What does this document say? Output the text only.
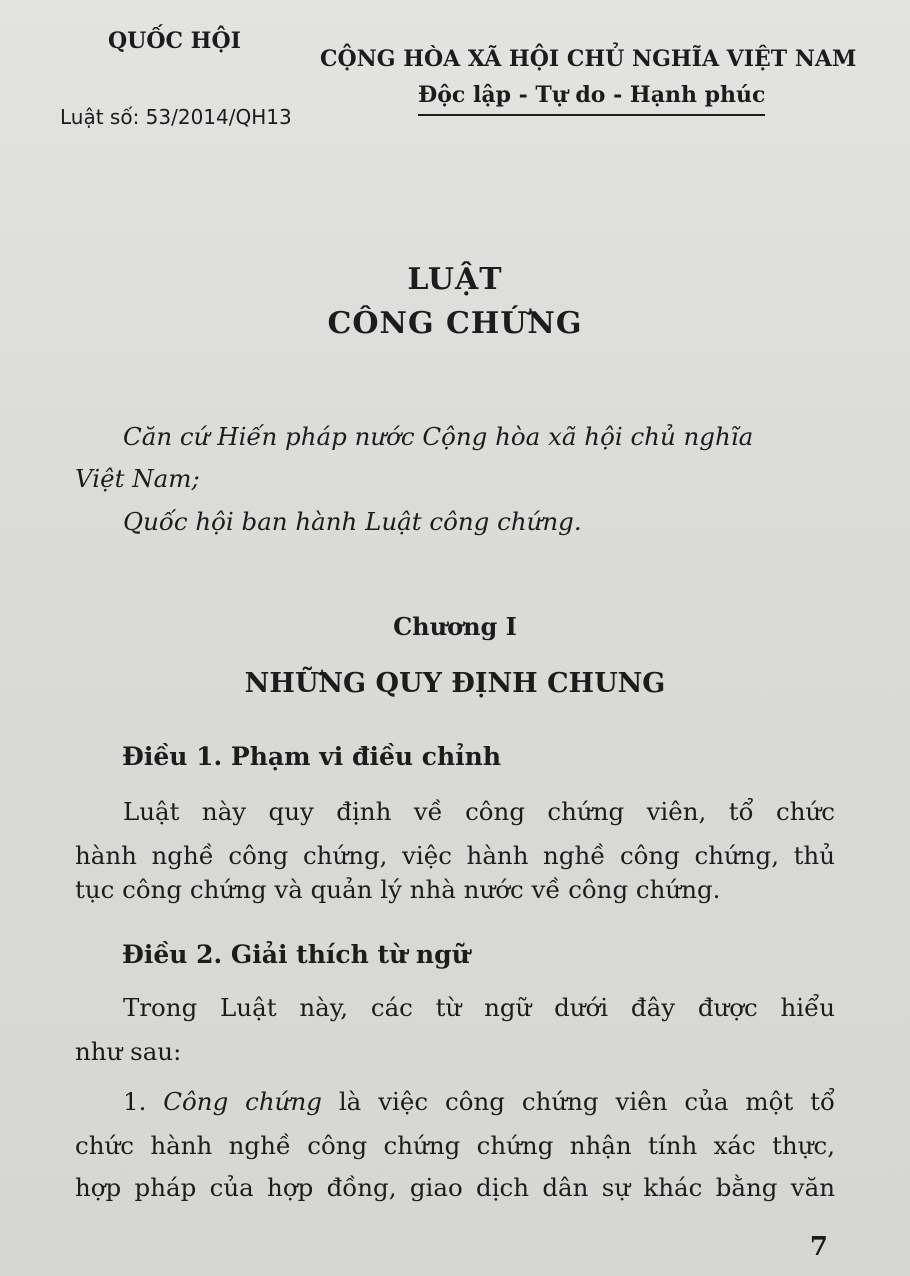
QUỐC HỘI
CỘNG HÒA XÃ HỘI CHỦ NGHĨA VIỆT NAM
Độc lập - Tự do - Hạnh phúc
Luật số: 53/2014/QH13
LUẬT
CÔNG CHỨNG
Căn cứ Hiến pháp nước Cộng hòa xã hội chủ nghĩa
Việt Nam;
Quốc hội ban hành Luật công chứng.
Chương I
NHỮNG QUY ĐỊNH CHUNG
Điều 1. Phạm vi điều chỉnh
Luật này quy định về công chứng viên, tổ chức
hành nghề công chứng, việc hành nghề công chứng, thủ
tục công chứng và quản lý nhà nước về công chứng.
Điều 2. Giải thích từ ngữ
Trong Luật này, các từ ngữ dưới đây được hiểu
như sau:
1. Công chứng là việc công chứng viên của một tổ
chức hành nghề công chứng chứng nhận tính xác thực,
hợp pháp của hợp đồng, giao dịch dân sự khác bằng văn
7
